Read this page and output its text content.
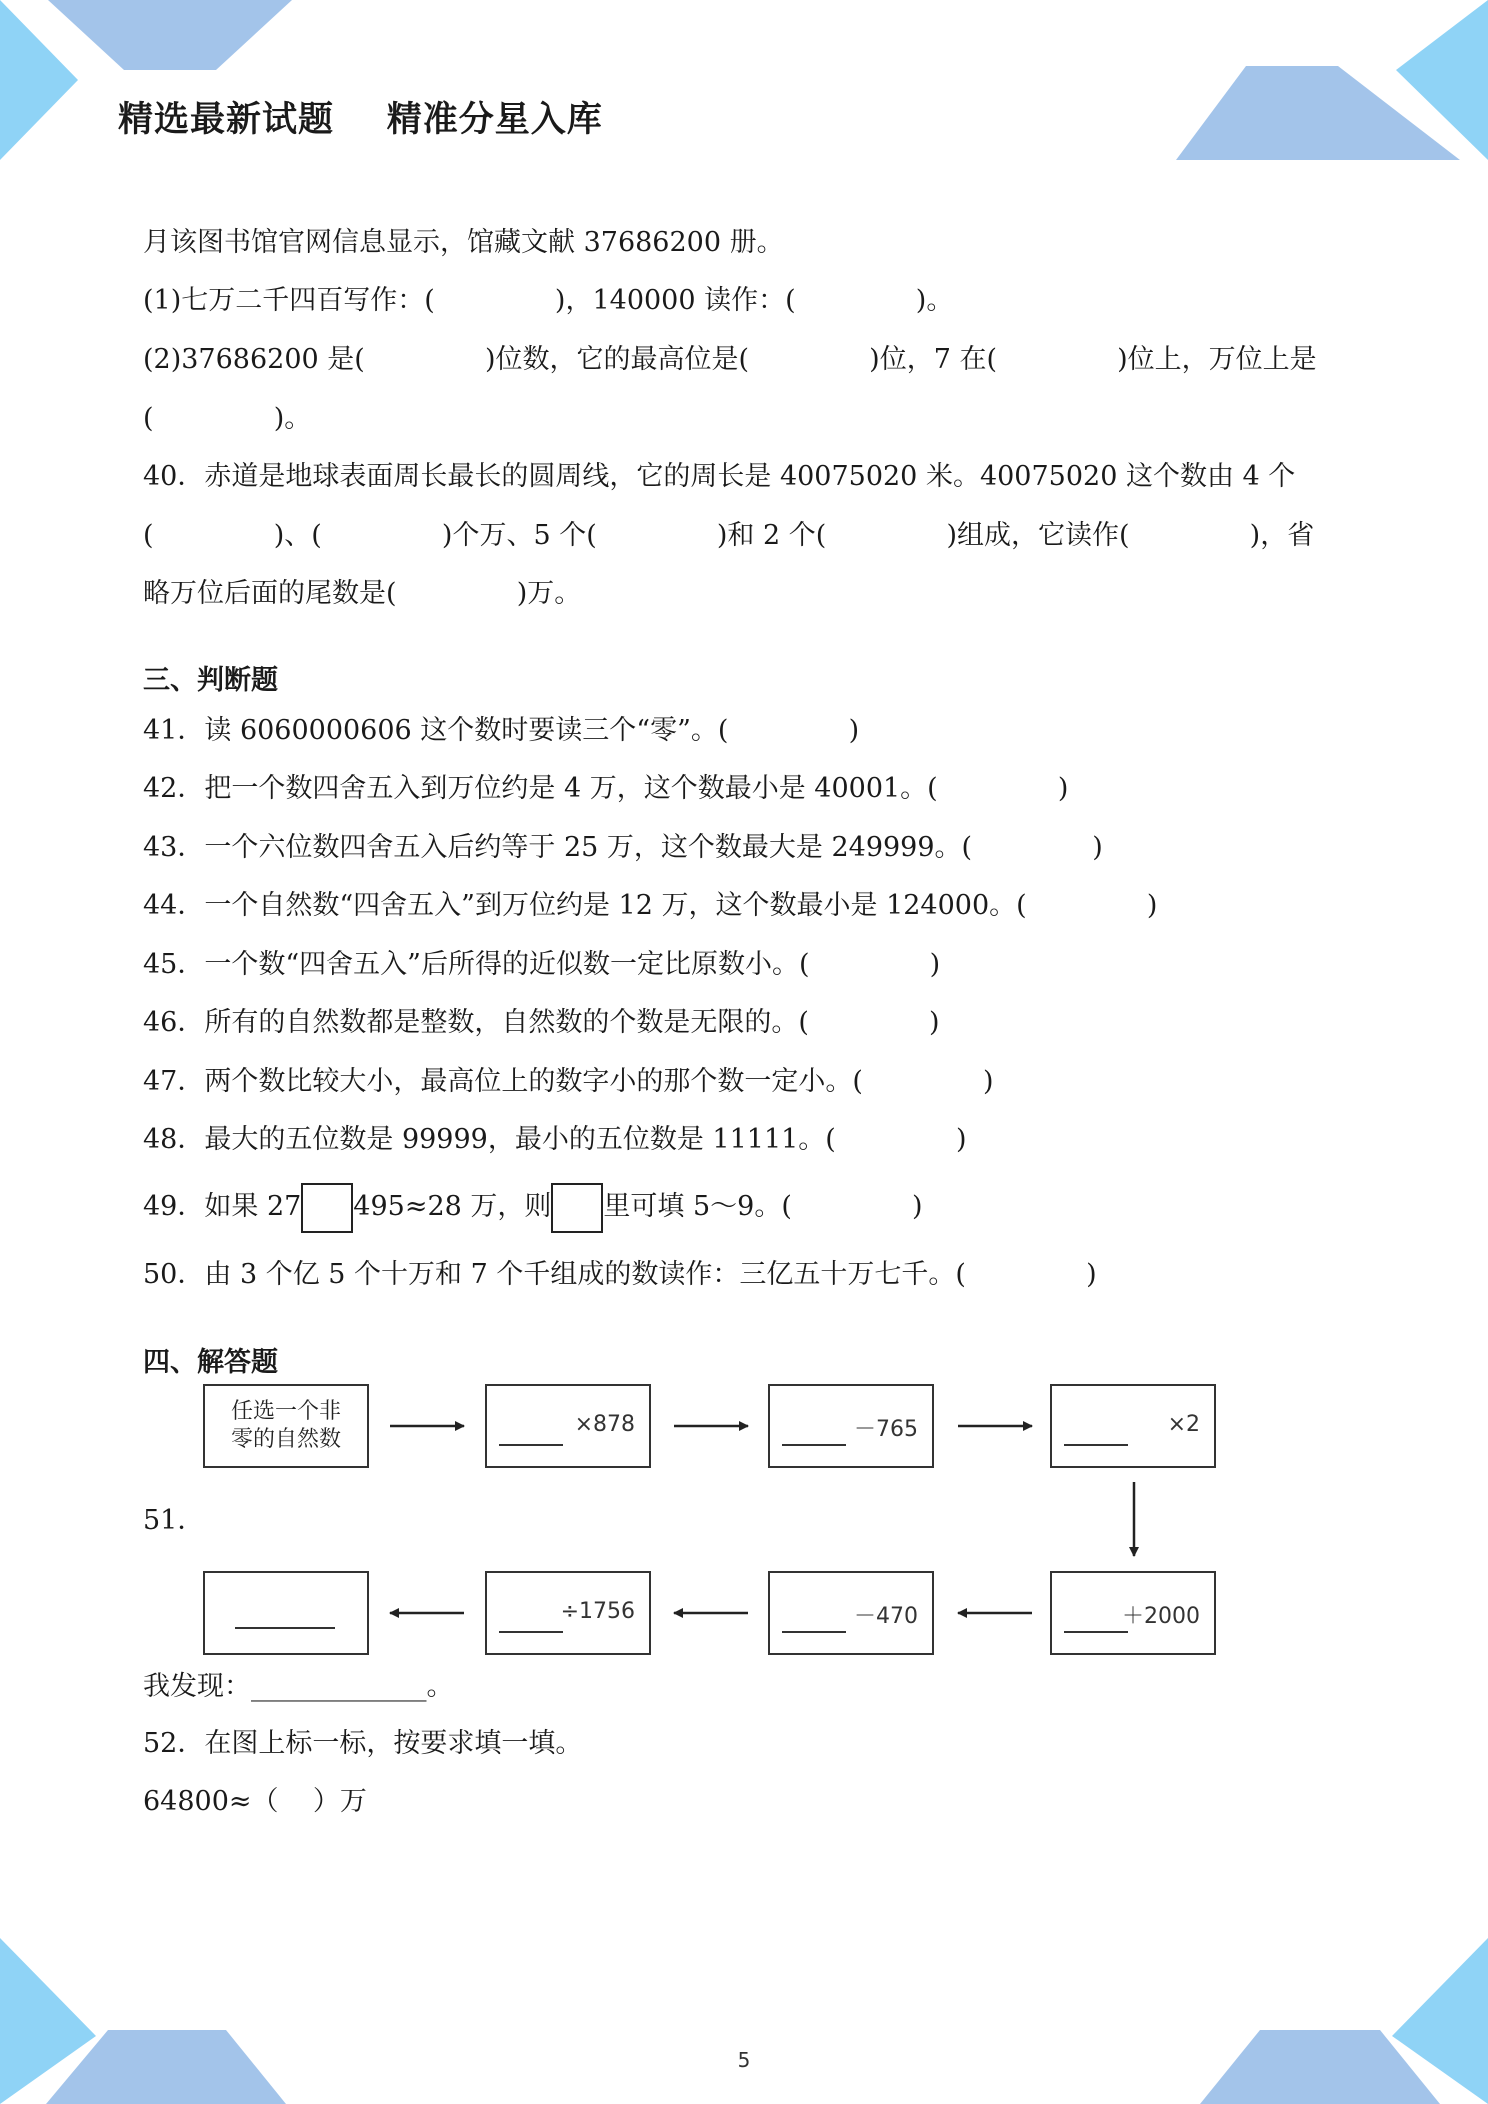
精选最新试题    精准分星入库
月该图书馆官网信息显示，馆藏文献 37686200 册。
(1)七万二千四百写作：(              )，140000 读作：(              )。
(2)37686200 是(              )位数，它的最高位是(              )位，7 在(              )位上，万位上是
(              )。
40．赤道是地球表面周长最长的圆周线，它的周长是 40075020 米。40075020 这个数由 4 个
(              )、(              )个万、5 个(              )和 2 个(              )组成，它读作(              )，省
略万位后面的尾数是(              )万。
三、判断题
41．读 6060000606 这个数时要读三个“零”。(              )
42．把一个数四舍五入到万位约是 4 万，这个数最小是 40001。(              )
43．一个六位数四舍五入后约等于 25 万，这个数最大是 249999。(              )
44．一个自然数“四舍五入”到万位约是 12 万，这个数最小是 124000。(              )
45．一个数“四舍五入”后所得的近似数一定比原数小。(              )
46．所有的自然数都是整数，自然数的个数是无限的。(              )
47．两个数比较大小，最高位上的数字小的那个数一定小。(              )
48．最大的五位数是 99999，最小的五位数是 11111。(              )
49．如果 27 495≈28 万，则 里可填 5～9。(              )
50．由 3 个亿 5 个十万和 7 个千组成的数读作：三亿五十万七千。(              )
四、解答题
51．
任选一个非
零的自然数
×878	－765	×2
÷1756	－470	＋2000
我发现：_____________。
52．在图上标一标，按要求填一填。
64800≈（    ）万
5
